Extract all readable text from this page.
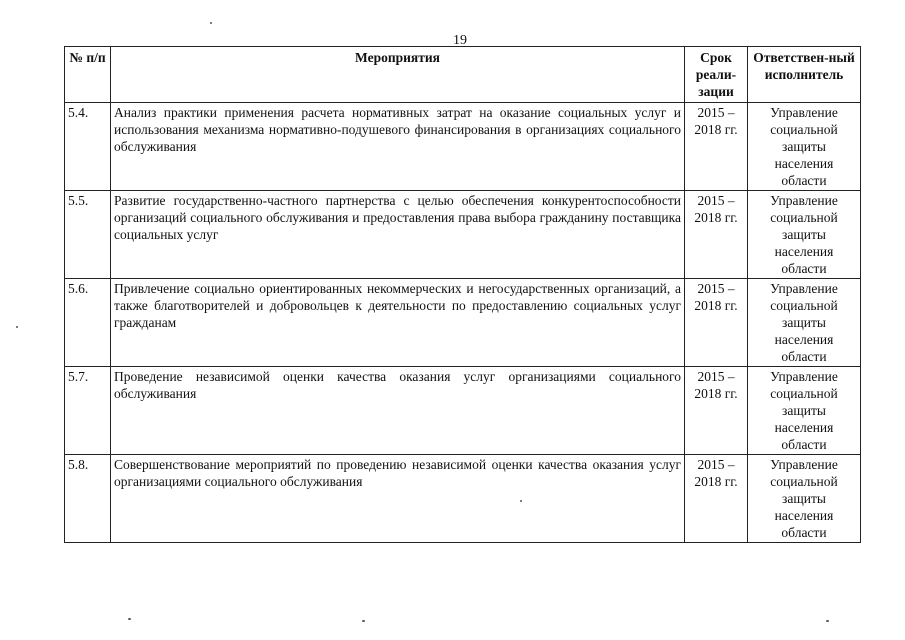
19
№ п/п	Мероприятия	Срок реали-зации	Ответствен-ный исполнитель
5.4.	Анализ практики применения расчета нормативных затрат на оказание социальных услуг и использования механизма нормативно-подушевого финансирования в организациях социального обслуживания	2015 – 2018 гг.	Управление социальной защиты населения области
5.5.	Развитие государственно-частного партнерства с целью обеспечения конкурентоспособности организаций социального обслуживания и предоставления права выбора гражданину поставщика социальных услуг	2015 – 2018 гг.	Управление социальной защиты населения области
5.6.	Привлечение социально ориентированных некоммерческих и негосударственных организаций, а также благотворителей и добровольцев к деятельности по предоставлению социальных услуг гражданам	2015 – 2018 гг.	Управление социальной защиты населения области
5.7.	Проведение независимой оценки качества оказания услуг организациями социального обслуживания	2015 – 2018 гг.	Управление социальной защиты населения области
5.8.	Совершенствование мероприятий по проведению независимой оценки качества оказания услуг организациями социального обслуживания	2015 – 2018 гг.	Управление социальной защиты населения области
